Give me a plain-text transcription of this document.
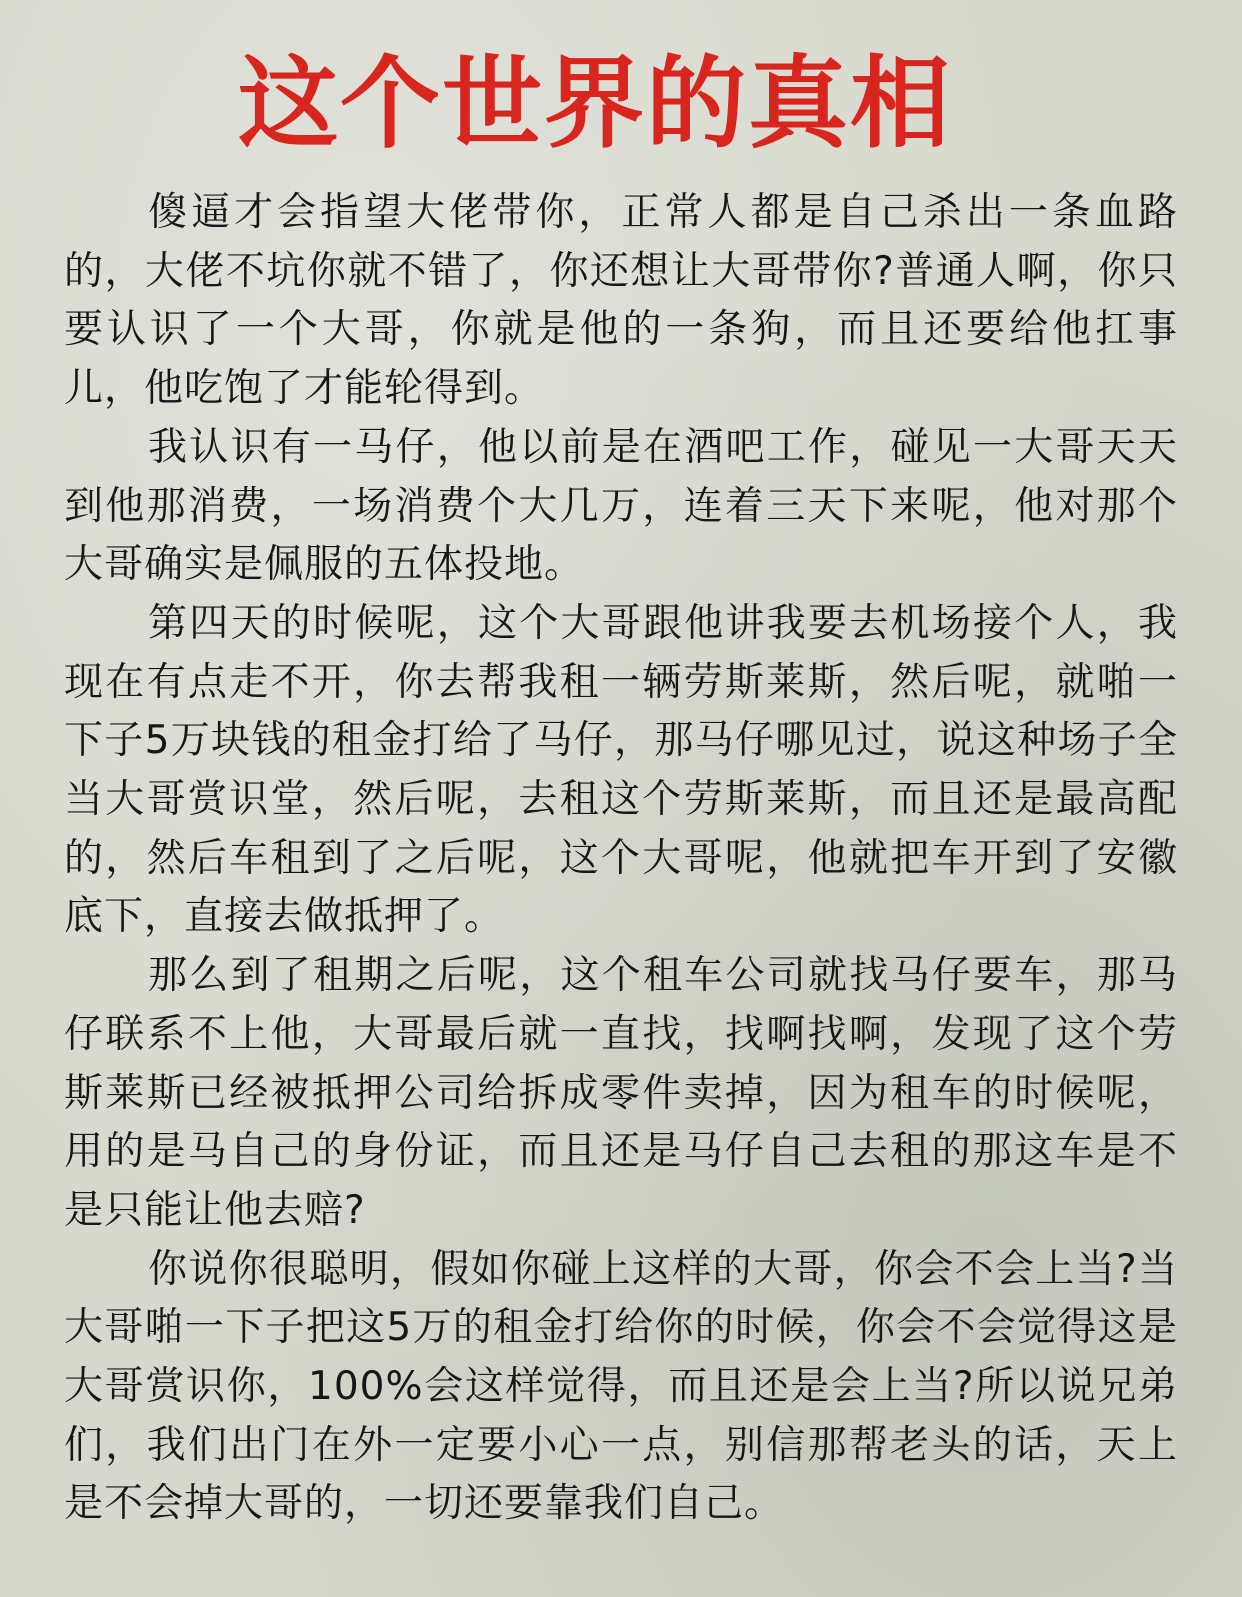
这个世界的真相

傻逼才会指望大佬带你，正常人都是自己杀出一条血路的，大佬不坑你就不错了，你还想让大哥带你?普通人啊，你只要认识了一个大哥，你就是他的一条狗，而且还要给他扛事儿，他吃饱了才能轮得到。

我认识有一马仔，他以前是在酒吧工作，碰见一大哥天天到他那消费，一场消费个大几万，连着三天下来呢，他对那个大哥确实是佩服的五体投地。

第四天的时候呢，这个大哥跟他讲我要去机场接个人，我现在有点走不开，你去帮我租一辆劳斯莱斯，然后呢，就啪一下子5万块钱的租金打给了马仔，那马仔哪见过，说这种场子全当大哥赏识堂，然后呢，去租这个劳斯莱斯，而且还是最高配的，然后车租到了之后呢，这个大哥呢，他就把车开到了安徽底下，直接去做抵押了。

那么到了租期之后呢，这个租车公司就找马仔要车，那马仔联系不上他，大哥最后就一直找，找啊找啊，发现了这个劳斯莱斯已经被抵押公司给拆成零件卖掉，因为租车的时候呢，用的是马自己的身份证，而且还是马仔自己去租的那这车是不是只能让他去赔?

你说你很聪明，假如你碰上这样的大哥，你会不会上当?当大哥啪一下子把这5万的租金打给你的时候，你会不会觉得这是大哥赏识你，100%会这样觉得，而且还是会上当?所以说兄弟们，我们出门在外一定要小心一点，别信那帮老头的话，天上是不会掉大哥的，一切还要靠我们自己。
